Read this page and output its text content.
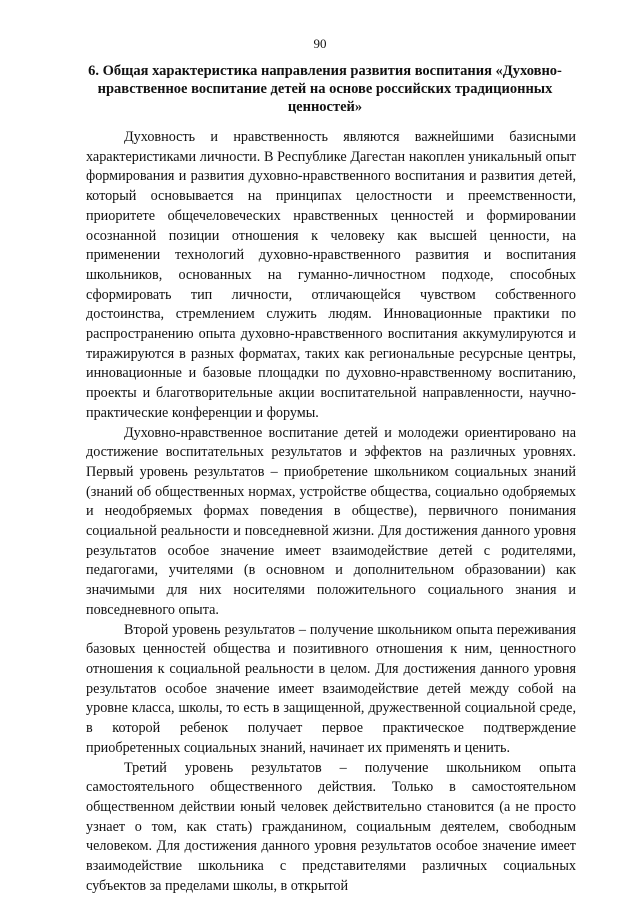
90
6. Общая характеристика направления развития воспитания «Духовно-нравственное воспитание детей на основе российских традиционных ценностей»

Духовность и нравственность являются важнейшими базисными характеристиками личности. В Республике Дагестан накоплен уникальный опыт формирования и развития духовно-нравственного воспитания и развития детей, который основывается на принципах целостности и преемственности, приоритете общечеловеческих нравственных ценностей и формировании осознанной позиции отношения к человеку как высшей ценности, на применении технологий духовно-нравственного развития и воспитания школьников, основанных на гуманно-личностном подходе, способных сформировать тип личности, отличающейся чувством собственного достоинства, стремлением служить людям. Инновационные практики по распространению опыта духовно-нравственного воспитания аккумулируются и тиражируются в разных форматах, таких как региональные ресурсные центры, инновационные и базовые площадки по духовно-нравственному воспитанию, проекты и благотворительные акции воспитательной направленности, научно-практические конференции и форумы.

Духовно-нравственное воспитание детей и молодежи ориентировано на достижение воспитательных результатов и эффектов на различных уровнях. Первый уровень результатов – приобретение школьником социальных знаний (знаний об общественных нормах, устройстве общества, социально одобряемых и неодобряемых формах поведения в обществе), первичного понимания социальной реальности и повседневной жизни. Для достижения данного уровня результатов особое значение имеет взаимодействие детей с родителями, педагогами, учителями (в основном и дополнительном образовании) как значимыми для них носителями положительного социального знания и повседневного опыта.

Второй уровень результатов – получение школьником опыта переживания базовых ценностей общества и позитивного отношения к ним, ценностного отношения к социальной реальности в целом. Для достижения данного уровня результатов особое значение имеет взаимодействие детей между собой на уровне класса, школы, то есть в защищенной, дружественной социальной среде, в которой ребенок получает первое практическое подтверждение приобретенных социальных знаний, начинает их применять и ценить.

Третий уровень результатов – получение школьником опыта самостоятельного общественного действия. Только в самостоятельном общественном действии юный человек действительно становится (а не просто узнает о том, как стать) гражданином, социальным деятелем, свободным человеком. Для достижения данного уровня результатов особое значение имеет взаимодействие школьника с представителями различных социальных субъектов за пределами школы, в открытой
